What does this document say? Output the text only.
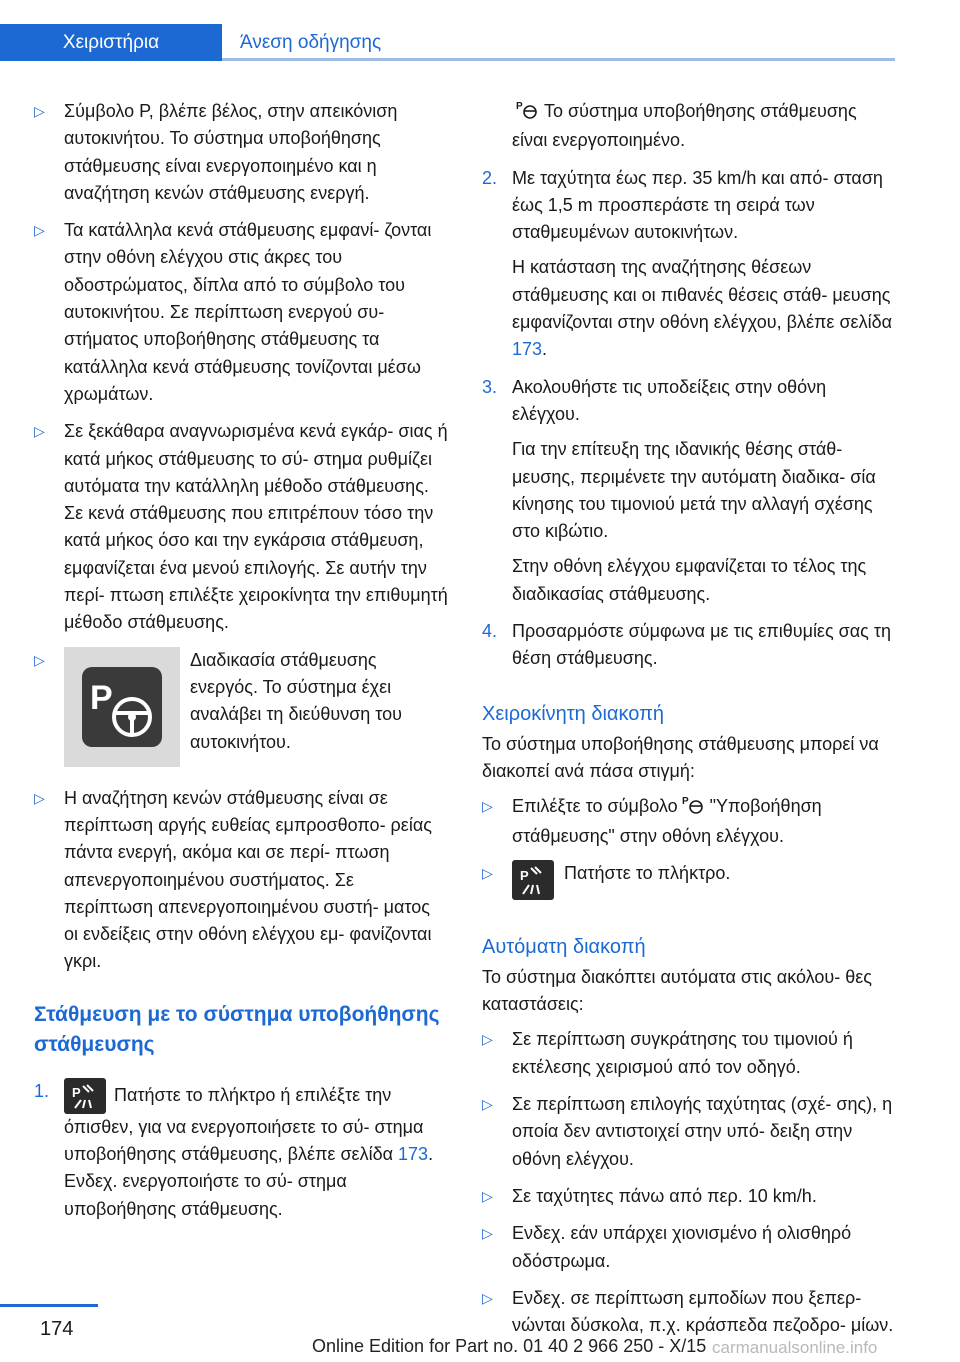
Χειριστήρια	Άνεση οδήγησης
▷ Σύμβολο P, βλέπε βέλος, στην απεικόνιση αυτοκινήτου. Το σύστημα υποβοήθησης στάθμευσης είναι ενεργοποιημένο και η αναζήτηση κενών στάθμευσης ενεργή.
▷ Τα κατάλληλα κενά στάθμευσης εμφανί‐ ζονται στην οθόνη ελέγχου στις άκρες του οδοστρώματος, δίπλα από το σύμβολο του αυτοκινήτου. Σε περίπτωση ενεργού συ‐ στήματος υποβοήθησης στάθμευσης τα κατάλληλα κενά στάθμευσης τονίζονται μέσω χρωμάτων.
▷ Σε ξεκάθαρα αναγνωρισμένα κενά εγκάρ‐ σιας ή κατά μήκος στάθμευσης το σύ‐ στημα ρυθμίζει αυτόματα την κατάλληλη μέθοδο στάθμευσης. Σε κενά στάθμευσης που επιτρέπουν τόσο την κατά μήκος όσο και την εγκάρσια στάθμευση, εμφανίζεται ένα μενού επιλογής. Σε αυτήν την περί‐ πτωση επιλέξτε χειροκίνητα την επιθυμητή μέθοδο στάθμευσης.
▷
P
Διαδικασία στάθμευσης ενεργός. Το σύστημα έχει αναλάβει τη διεύθυνση του αυτοκινήτου.
▷ Η αναζήτηση κενών στάθμευσης είναι σε περίπτωση αργής ευθείας εμπροσθοπο‐ ρείας πάντα ενεργή, ακόμα και σε περί‐ πτωση απενεργοποιημένου συστήματος. Σε περίπτωση απενεργοποιημένου συστή‐ ματος οι ενδείξεις στην οθόνη ελέγχου εμ‐ φανίζονται γκρι.
Στάθμευση με το σύστημα υποβοήθησης στάθμευσης
1. P Πατήστε το πλήκτρο ή επιλέξτε την όπισθεν, για να ενεργοποιήσετε το σύ‐ στημα υποβοήθησης στάθμευσης, βλέπε σελίδα 173. Ενδεχ. ενεργοποιήστε το σύ‐ στημα υποβοήθησης στάθμευσης.
P Το σύστημα υποβοήθησης στάθμευσης είναι ενεργοποιημένο.
2. Με ταχύτητα έως περ. 35 km/h και από‐ σταση έως 1,5 m προσπεράστε τη σειρά των σταθμευμένων αυτοκινήτων.
Η κατάσταση της αναζήτησης θέσεων στάθμευσης και οι πιθανές θέσεις στάθ‐ μευσης εμφανίζονται στην οθόνη ελέγχου, βλέπε σελίδα 173.
3. Ακολουθήστε τις υποδείξεις στην οθόνη ελέγχου.
Για την επίτευξη της ιδανικής θέσης στάθ‐ μευσης, περιμένετε την αυτόματη διαδικα‐ σία κίνησης του τιμονιού μετά την αλλαγή σχέσης στο κιβώτιο.
Στην οθόνη ελέγχου εμφανίζεται το τέλος της διαδικασίας στάθμευσης.
4. Προσαρμόστε σύμφωνα με τις επιθυμίες σας τη θέση στάθμευσης.
Χειροκίνητη διακοπή
Το σύστημα υποβοήθησης στάθμευσης μπορεί να διακοπεί ανά πάσα στιγμή:
▷ Επιλέξτε το σύμβολο P "Υποβοήθηση στάθμευσης" στην οθόνη ελέγχου.
▷ P Πατήστε το πλήκτρο.
Αυτόματη διακοπή
Το σύστημα διακόπτει αυτόματα στις ακόλου‐ θες καταστάσεις:
▷ Σε περίπτωση συγκράτησης του τιμονιού ή εκτέλεσης χειρισμού από τον οδηγό.
▷ Σε περίπτωση επιλογής ταχύτητας (σχέ‐ σης), η οποία δεν αντιστοιχεί στην υπό‐ δειξη στην οθόνη ελέγχου.
▷ Σε ταχύτητες πάνω από περ. 10 km/h.
▷ Ενδεχ. εάν υπάρχει χιονισμένο ή ολισθηρό οδόστρωμα.
▷ Ενδεχ. σε περίπτωση εμποδίων που ξεπερ‐ νώνται δύσκολα, π.χ. κράσπεδα πεζοδρο‐ μίων.
174
Online Edition for Part no. 01 40 2 966 250 - X/15 carmanualsonline.info
